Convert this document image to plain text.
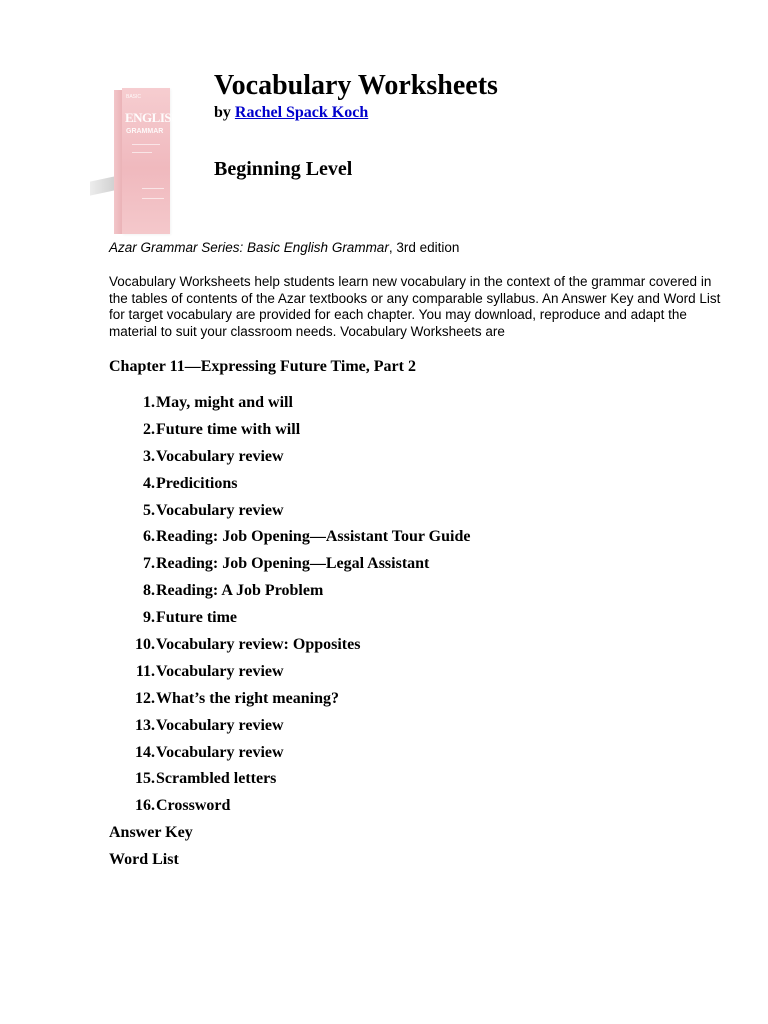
BASIC
ENGLISH
GRAMMAR
Vocabulary Worksheets
by Rachel Spack Koch
Beginning Level
Azar Grammar Series: Basic English Grammar, 3rd edition

Vocabulary Worksheets help students learn new vocabulary in the context of the grammar covered in the tables of contents of the Azar textbooks or any comparable syllabus. An Answer Key and Word List for target vocabulary are provided for each chapter. You may download, reproduce and adapt the material to suit your classroom needs. Vocabulary Worksheets are

Chapter 11—Expressing Future Time, Part 2
1. May, might and will
2. Future time with will
3. Vocabulary review
4. Predicitions
5. Vocabulary review
6. Reading: Job Opening—Assistant Tour Guide
7. Reading: Job Opening—Legal Assistant
8. Reading: A Job Problem
9. Future time
10. Vocabulary review: Opposites
11. Vocabulary review
12. What’s the right meaning?
13. Vocabulary review
14. Vocabulary review
15. Scrambled letters
16. Crossword

Answer Key

Word List
